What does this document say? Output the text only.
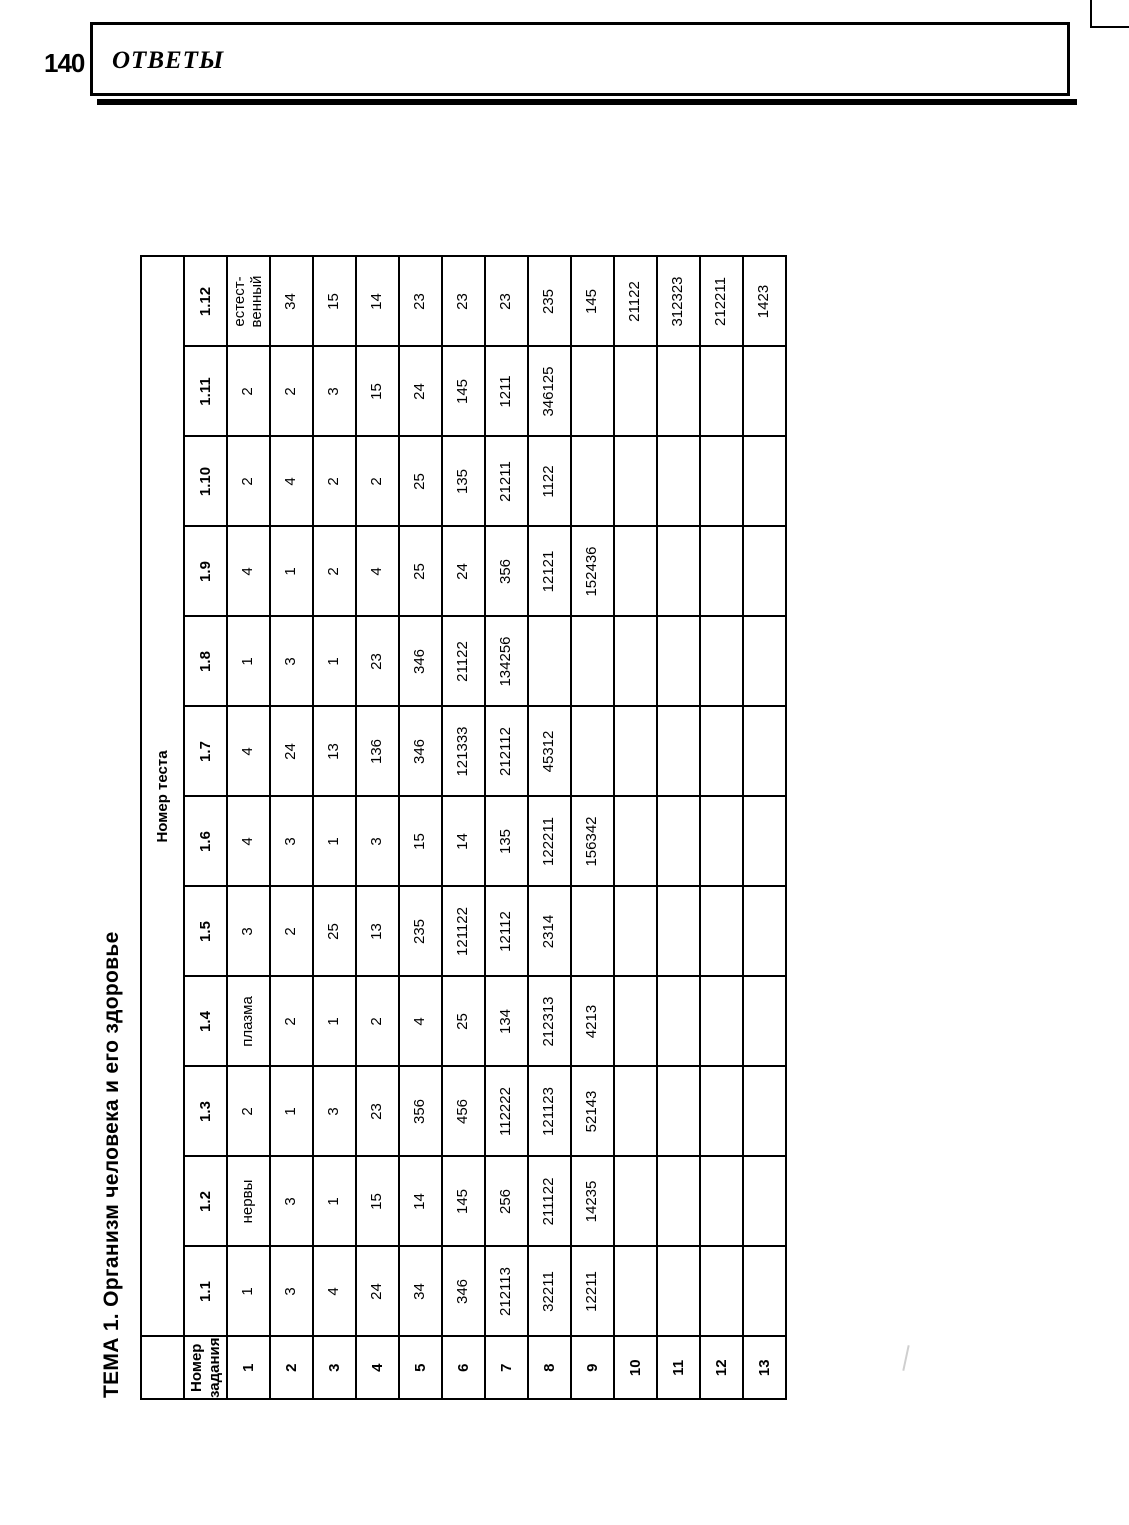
140 ОТВЕТЫ
ТЕМА 1. Организм человека и его здоровье
	Номер теста											

Номер задания	1.1	1.2	1.3	1.4	1.5	1.6	1.7	1.8	1.9	1.10	1.11	1.12
1	1	нервы	2	плазма	3	4	4	1	4	2	2	естест-
венный
2	3	3	1	2	2	3	24	3	1	4	2	34
3	4	1	3	1	25	1	13	1	2	2	3	15
4	24	15	23	2	13	3	136	23	4	2	15	14
5	34	14	356	4	235	15	346	346	25	25	24	23
6	346	145	456	25	121122	14	121333	21122	24	135	145	23
7	212113	256	112222	134	12112	135	212112	134256	356	21211	1211	23
8	32211	211122	121123	212313	2314	122211	45312		12121	1122	346125	235
9	12211	14235	52143	4213		156342			152436			145
10												21122
11												312323
12												212211
13												1423
